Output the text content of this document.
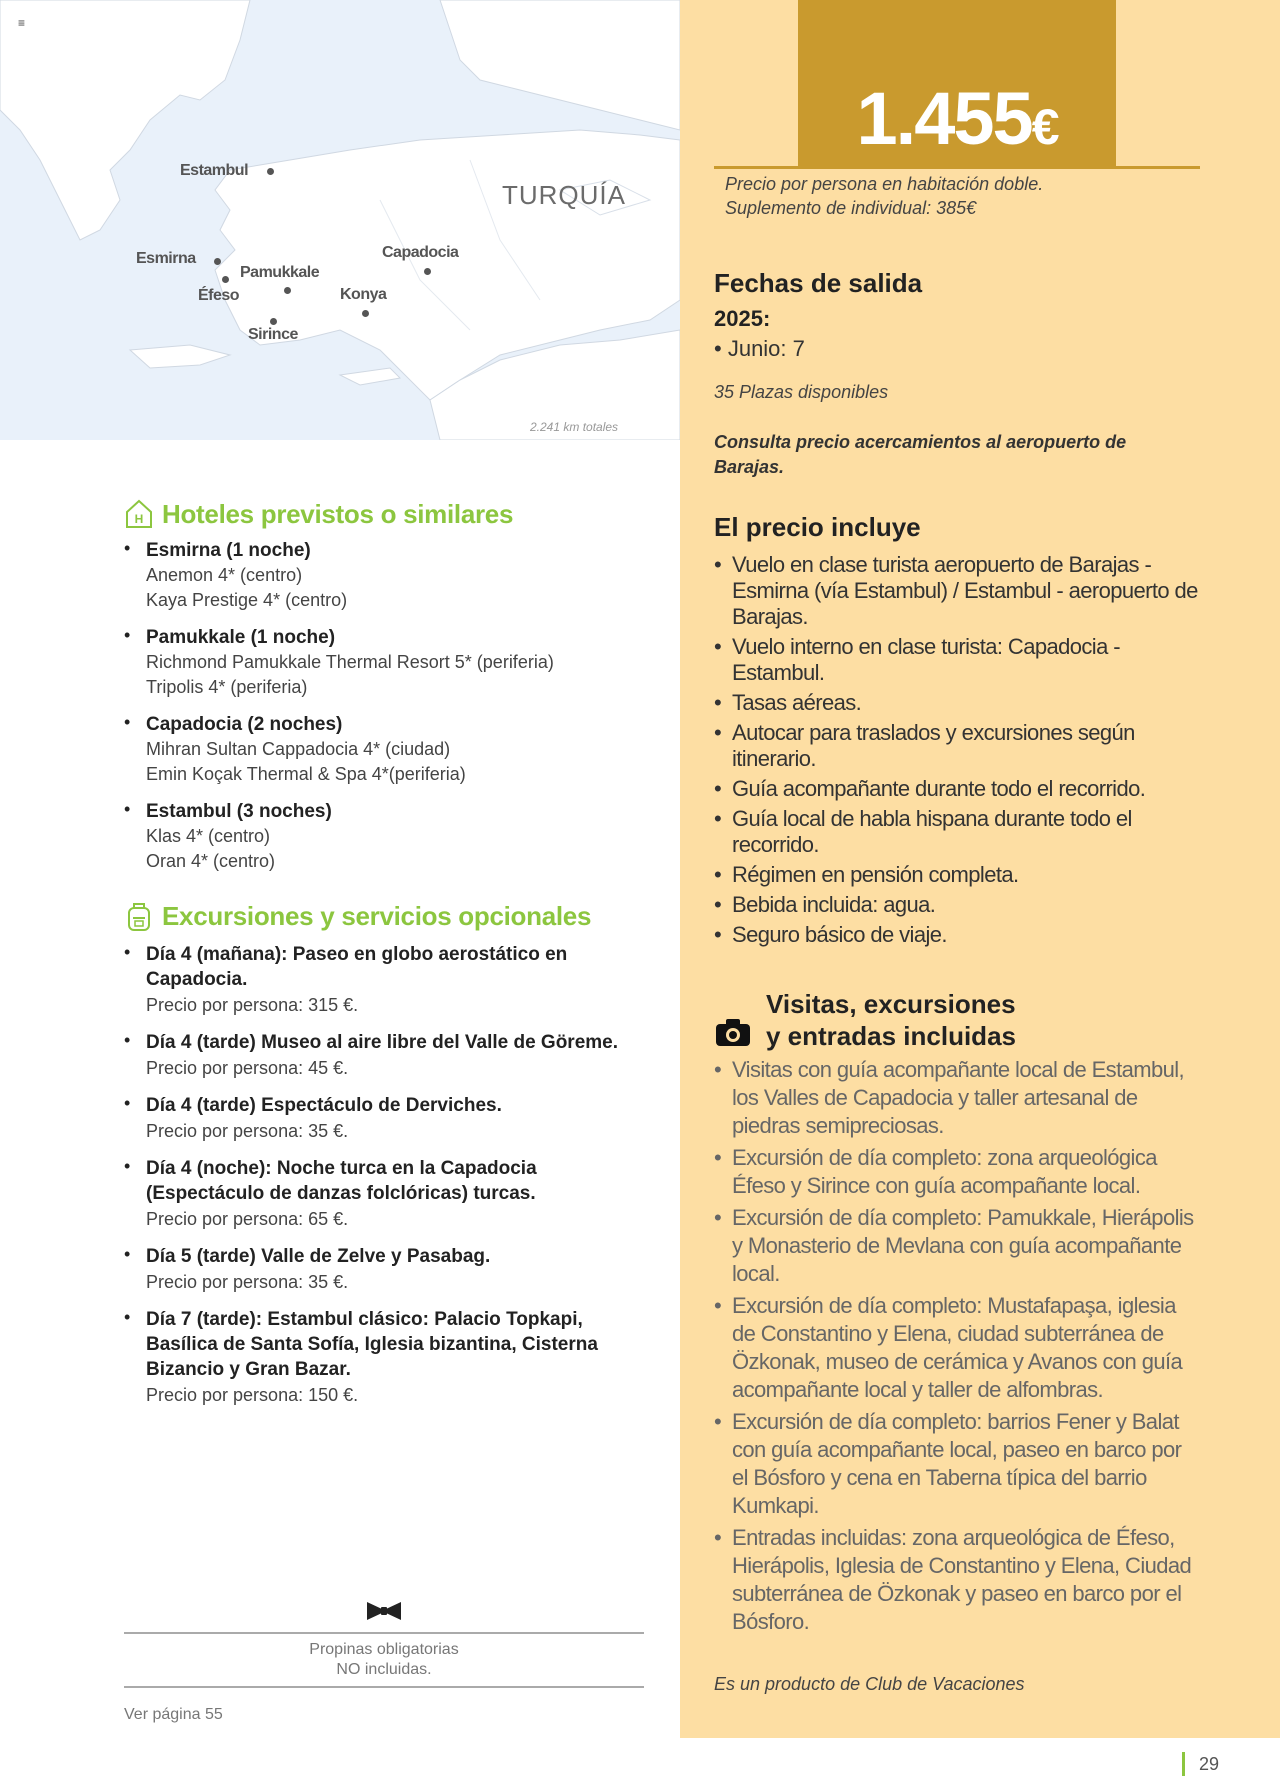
≡
TURQUÍA
Estambul
Esmirna
Pamukkale
Éfeso
Sirince
Konya
Capadocia
2.241 km totales
H Hoteles previstos o similares
• Esmirna (1 noche)
Anemon 4* (centro)
Kaya Prestige 4* (centro)
• Pamukkale (1 noche)
Richmond Pamukkale Thermal Resort 5* (periferia)
Tripolis 4* (periferia)
• Capadocia (2 noches)
Mihran Sultan Cappadocia 4* (ciudad)
Emin Koçak Thermal & Spa 4*(periferia)
• Estambul (3 noches)
Klas 4* (centro)
Oran 4* (centro)
Excursiones y servicios opcionales
• Día 4 (mañana): Paseo en globo aerostático en Capadocia.
Precio por persona: 315 €.
• Día 4 (tarde) Museo al aire libre del Valle de Göreme.
Precio por persona: 45 €.
• Día 4 (tarde) Espectáculo de Derviches.
Precio por persona: 35 €.
• Día 4 (noche): Noche turca en la Capadocia (Espectáculo de danzas folclóricas) turcas.
Precio por persona: 65 €.
• Día 5 (tarde) Valle de Zelve y Pasabag.
Precio por persona: 35 €.
• Día 7 (tarde): Estambul clásico: Palacio Topkapi, Basílica de Santa Sofía, Iglesia bizantina, Cisterna Bizancio y Gran Bazar.
Precio por persona: 150 €.
Propinas obligatorias
NO incluidas.
Ver página 55
1.455€
Precio por persona en habitación doble.
Suplemento de individual: 385€
Fechas de salida
2025:
• Junio: 7
35 Plazas disponibles
Consulta precio acercamientos al aeropuerto de Barajas.
El precio incluye
• Vuelo en clase turista aeropuerto de Barajas - Esmirna (vía Estambul) / Estambul - aeropuerto de Barajas.
• Vuelo interno en clase turista: Capadocia - Estambul.
• Tasas aéreas.
• Autocar para traslados y excursiones según itinerario.
• Guía acompañante durante todo el recorrido.
• Guía local de habla hispana durante todo el recorrido.
• Régimen en pensión completa.
• Bebida incluida: agua.
• Seguro básico de viaje.
Visitas, excursiones
y entradas incluidas
• Visitas con guía acompañante local de Estambul, los Valles de Capadocia y taller artesanal de piedras semipreciosas.
• Excursión de día completo: zona arqueológica Éfeso y Sirince con guía acompañante local.
• Excursión de día completo: Pamukkale, Hierápolis y Monasterio de Mevlana con guía acompañante local.
• Excursión de día completo: Mustafapaşa, iglesia de Constantino y Elena, ciudad subterránea de Özkonak, museo de cerámica y Avanos con guía acompañante local y taller de alfombras.
• Excursión de día completo: barrios Fener y Balat con guía acompañante local, paseo en barco por el Bósforo y cena en Taberna típica del barrio Kumkapi.
• Entradas incluidas: zona arqueológica de Éfeso, Hierápolis, Iglesia de Constantino y Elena, Ciudad subterránea de Özkonak y paseo en barco por el Bósforo.
Es un producto de Club de Vacaciones
29
